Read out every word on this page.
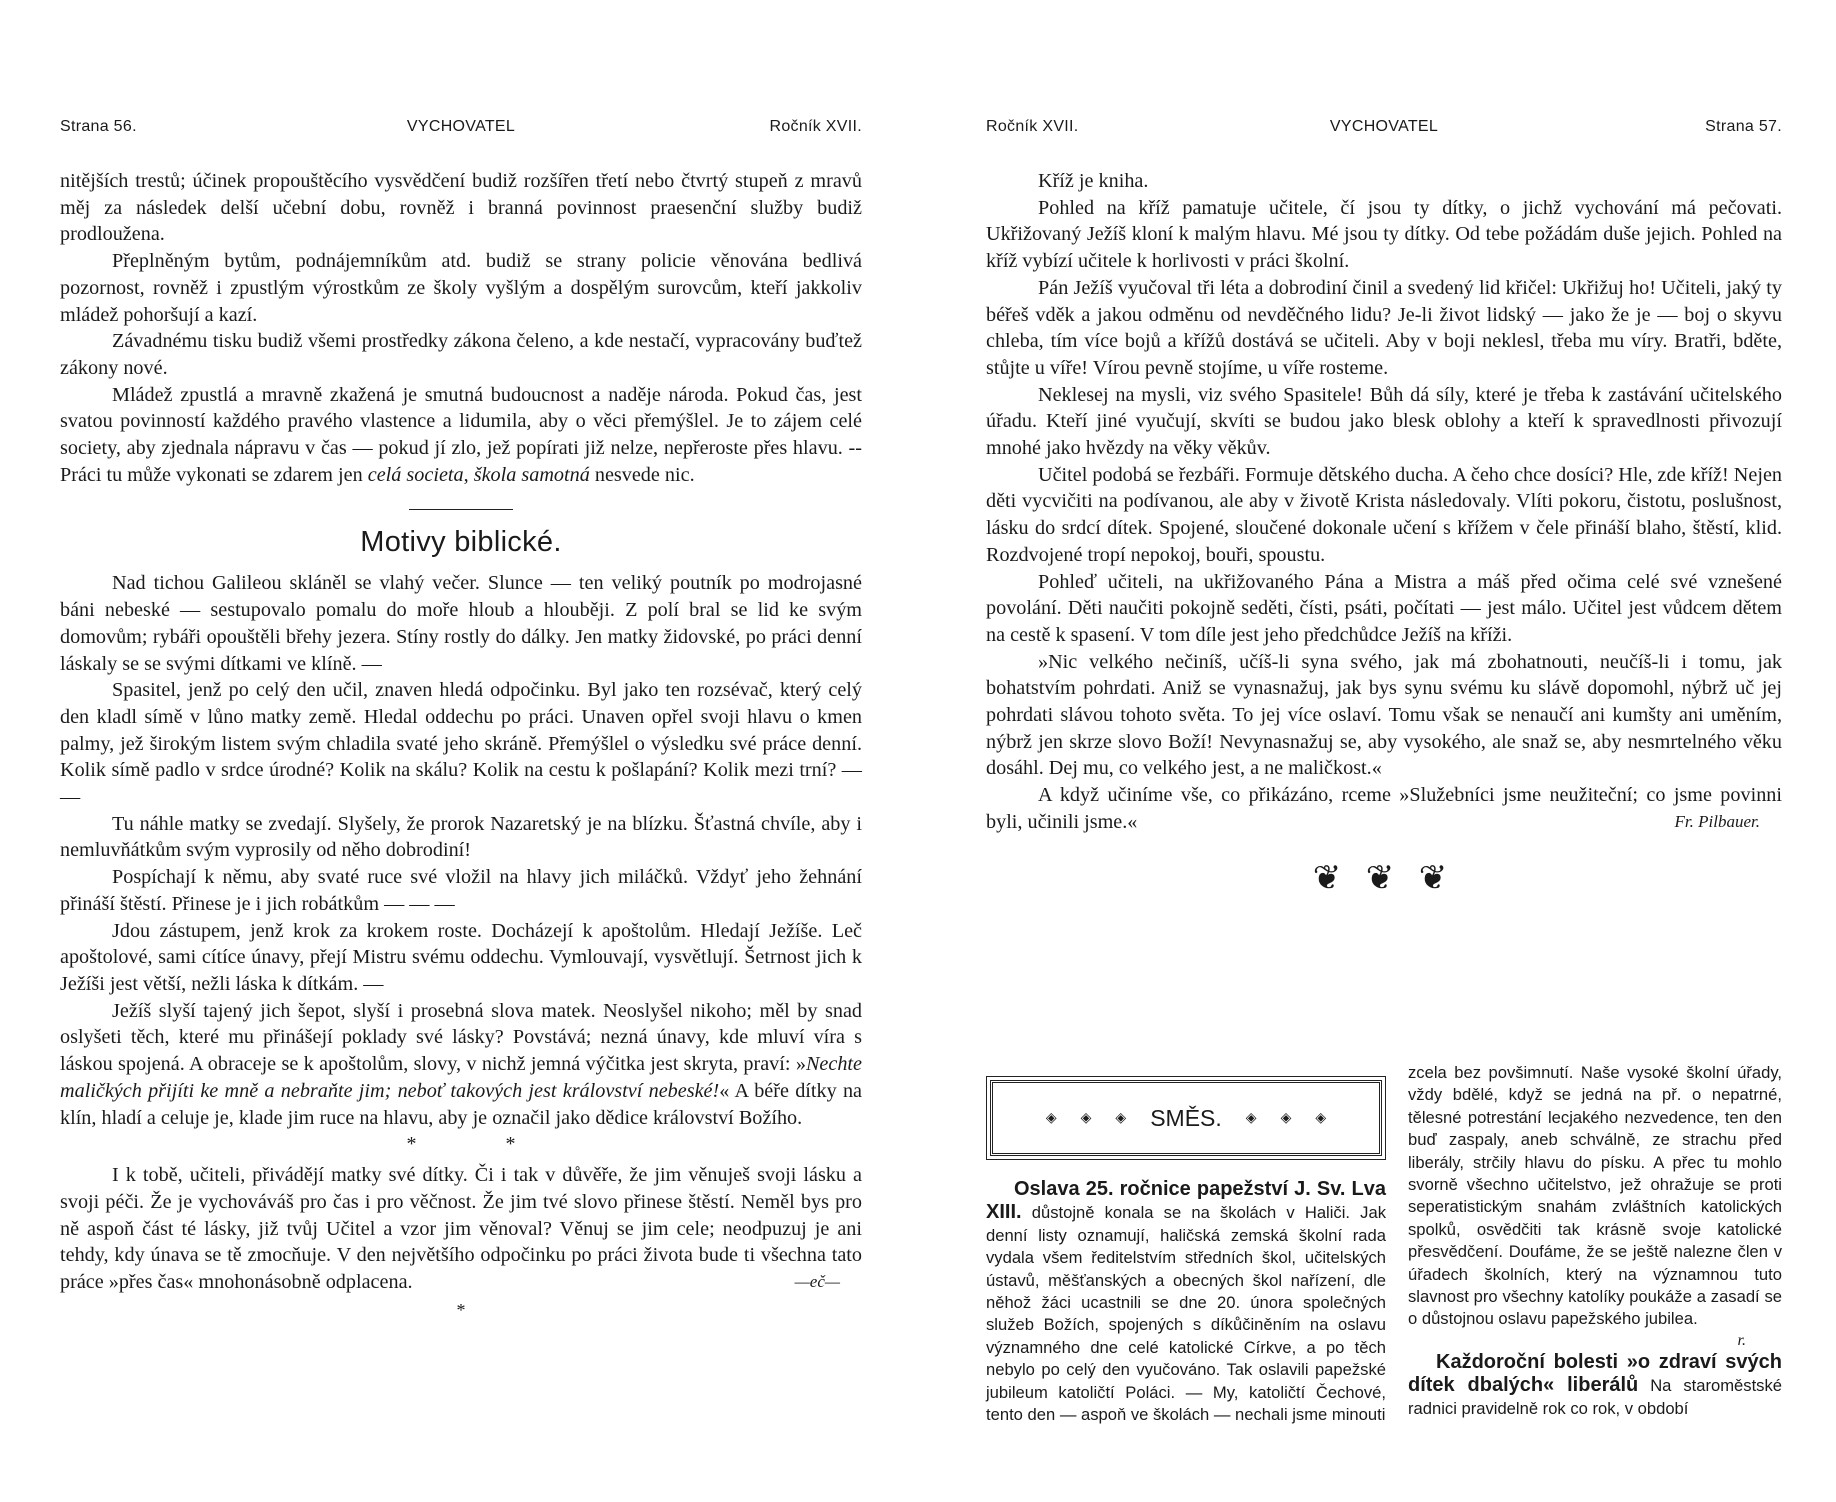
Strana 56.	VYCHOVATEL	Ročník XVII.

nitějších trestů; účinek propouštěcího vysvědčení budiž rozšířen třetí nebo čtvrtý stupeň z mravů měj za následek delší učební dobu, rovněž i branná povinnost praesenční služby budiž prodloužena.

Přeplněným bytům, podnájemníkům atd. budiž se strany policie věnována bedlivá pozornost, rovněž i zpustlým výrostkům ze školy vyšlým a dospělým surovcům, kteří jakkoliv mládež pohoršují a kazí.

Závadnému tisku budiž všemi prostředky zákona čeleno, a kde nestačí, vypracovány buďtež zákony nové.

Mládež zpustlá a mravně zkažená je smutná budoucnost a naděje národa. Pokud čas, jest svatou povinností každého pravého vlastence a lidumila, aby o věci přemýšlel. Je to zájem celé society, aby zjednala nápravu v čas — pokud jí zlo, jež popírati již nelze, nepřeroste přes hlavu. -- Práci tu může vykonati se zdarem jen celá societa, škola samotná nesvede nic.

Motivy biblické.

Nad tichou Galileou skláněl se vlahý večer. Slunce — ten veliký poutník po modrojasné báni nebeské — sestupovalo pomalu do moře hloub a hlouběji. Z polí bral se lid ke svým domovům; rybáři opouštěli břehy jezera. Stíny rostly do dálky. Jen matky židovské, po práci denní láskaly se se svými dítkami ve klíně. —

Spasitel, jenž po celý den učil, znaven hledá odpočinku. Byl jako ten rozsévač, který celý den kladl símě v lůno matky země. Hledal oddechu po práci. Unaven opřel svoji hlavu o kmen palmy, jež širokým listem svým chladila svaté jeho skráně. Přemýšlel o výsledku své práce denní. Kolik símě padlo v srdce úrodné? Kolik na skálu? Kolik na cestu k pošlapání? Kolik mezi trní? — —

Tu náhle matky se zvedají. Slyšely, že prorok Nazaretský je na blízku. Šťastná chvíle, aby i nemluvňátkům svým vyprosily od něho dobrodiní!

Pospíchají k němu, aby svaté ruce své vložil na hlavy jich miláčků. Vždyť jeho žehnání přináší štěstí. Přinese je i jich robátkům — — —

Jdou zástupem, jenž krok za krokem roste. Docházejí k apoštolům. Hledají Ježíše. Leč apoštolové, sami cítíce únavy, přejí Mistru svému oddechu. Vymlouvají, vysvětlují. Šetrnost jich k Ježíši jest větší, nežli láska k dítkám. —

Ježíš slyší tajený jich šepot, slyší i prosebná slova matek. Neoslyšel nikoho; měl by snad oslyšeti těch, které mu přinášejí poklady své lásky? Povstává; nezná únavy, kde mluví víra s láskou spojená. A obraceje se k apoštolům, slovy, v nichž jemná výčitka jest skryta, praví: »Nechte maličkých přijíti ke mně a nebraňte jim; neboť takových jest království nebeské!« A béře dítky na klín, hladí a celuje je, klade jim ruce na hlavu, aby je označil jako dědice království Božího.

* *

I k tobě, učiteli, přivádějí matky své dítky. Či i tak v důvěře, že jim věnuješ svoji lásku a svoji péči. Že je vychováváš pro čas i pro věčnost. Že jim tvé slovo přinese štěstí. Neměl bys pro ně aspoň část té lásky, již tvůj Učitel a vzor jim věnoval? Věnuj se jim cele; neodpuzuj je ani tehdy, kdy únava se tě zmocňuje. V den největšího odpočinku po práci života bude ti všechna tato práce »přes čas« mnohonásobně odplacena.	—eč—

*
Ročník XVII.	VYCHOVATEL	Strana 57.

Kříž je kniha.

Pohled na kříž pamatuje učitele, čí jsou ty dítky, o jichž vychování má pečovati. Ukřižovaný Ježíš kloní k malým hlavu. Mé jsou ty dítky. Od tebe požádám duše jejich. Pohled na kříž vybízí učitele k horlivosti v práci školní.

Pán Ježíš vyučoval tři léta a dobrodiní činil a svedený lid křičel: Ukřižuj ho! Učiteli, jaký ty béřeš vděk a jakou odměnu od nevděčného lidu? Je-li život lidský — jako že je — boj o skyvu chleba, tím více bojů a křížů dostává se učiteli. Aby v boji neklesl, třeba mu víry. Bratři, bděte, stůjte u víře! Vírou pevně stojíme, u víře rosteme.

Neklesej na mysli, viz svého Spasitele! Bůh dá síly, které je třeba k zastávání učitelského úřadu. Kteří jiné vyučují, skvíti se budou jako blesk oblohy a kteří k spravedlnosti přivozují mnohé jako hvězdy na věky věkův.

Učitel podobá se řezbáři. Formuje dětského ducha. A čeho chce dosíci? Hle, zde kříž! Nejen děti vycvičiti na podívanou, ale aby v životě Krista následovaly. Vlíti pokoru, čistotu, poslušnost, lásku do srdcí dítek. Spojené, sloučené dokonale učení s křížem v čele přináší blaho, štěstí, klid. Rozdvojené tropí nepokoj, bouři, spoustu.

Pohleď učiteli, na ukřižovaného Pána a Mistra a máš před očima celé své vznešené povolání. Děti naučiti pokojně seděti, čísti, psáti, počítati — jest málo. Učitel jest vůdcem dětem na cestě k spasení. V tom díle jest jeho předchůdce Ježíš na kříži.

»Nic velkého nečiníš, učíš-li syna svého, jak má zbohatnouti, neučíš-li i tomu, jak bohatstvím pohrdati. Aniž se vynasnažuj, jak bys synu svému ku slávě dopomohl, nýbrž uč jej pohrdati slávou tohoto světa. To jej více oslaví. Tomu však se nenaučí ani kumšty ani uměním, nýbrž jen skrze slovo Boží! Nevynasnažuj se, aby vysokého, ale snaž se, aby nesmrtelného věku dosáhl. Dej mu, co velkého jest, a ne maličkost.«

A když učiníme vše, co přikázáno, rceme »Služebníci jsme neužiteční; co jsme povinni byli, učinili jsme.«	Fr. Pilbauer.

❦ ❦ ❦
◈ ◈ ◈ SMĚS. ◈ ◈ ◈

Oslava 25. ročnice papežství J. Sv. Lva XIII. důstojně konala se na školách v Haliči. Jak denní listy oznamují, haličská zemská školní rada vydala všem ředitelstvím středních škol, učitelských ústavů, měšťanských a obecných škol nařízení, dle něhož žáci ucastnili se dne 20. února společných služeb Božích, spojených s díkůčiněním na oslavu významného dne celé katolické Církve, a po těch nebylo po celý den vyučováno. Tak oslavili papežské jubileum katoličtí Poláci. — My, katoličtí Čechové, tento den — aspoň ve školách — nechali jsme minouti

zcela bez povšimnutí. Naše vysoké školní úřady, vždy bdělé, když se jedná na př. o nepatrné, tělesné potrestání lecjakého nezvedence, ten den buď zaspaly, aneb schválně, ze strachu před liberály, strčily hlavu do písku. A přec tu mohlo svorně všechno učitelstvo, jež ohražuje se proti seperatistickým snahám zvláštních katolických spolků, osvědčiti tak krásně svoje katolické přesvědčení. Doufáme, že se ještě nalezne člen v úřadech školních, který na významnou tuto slavnost pro všechny katolíky poukáže a zasadí se o důstojnou oslavu papežského jubilea.

r.

Každoroční bolesti »o zdraví svých dítek dbalých« liberálů Na staroměstské radnici pravidelně rok co rok, v období
